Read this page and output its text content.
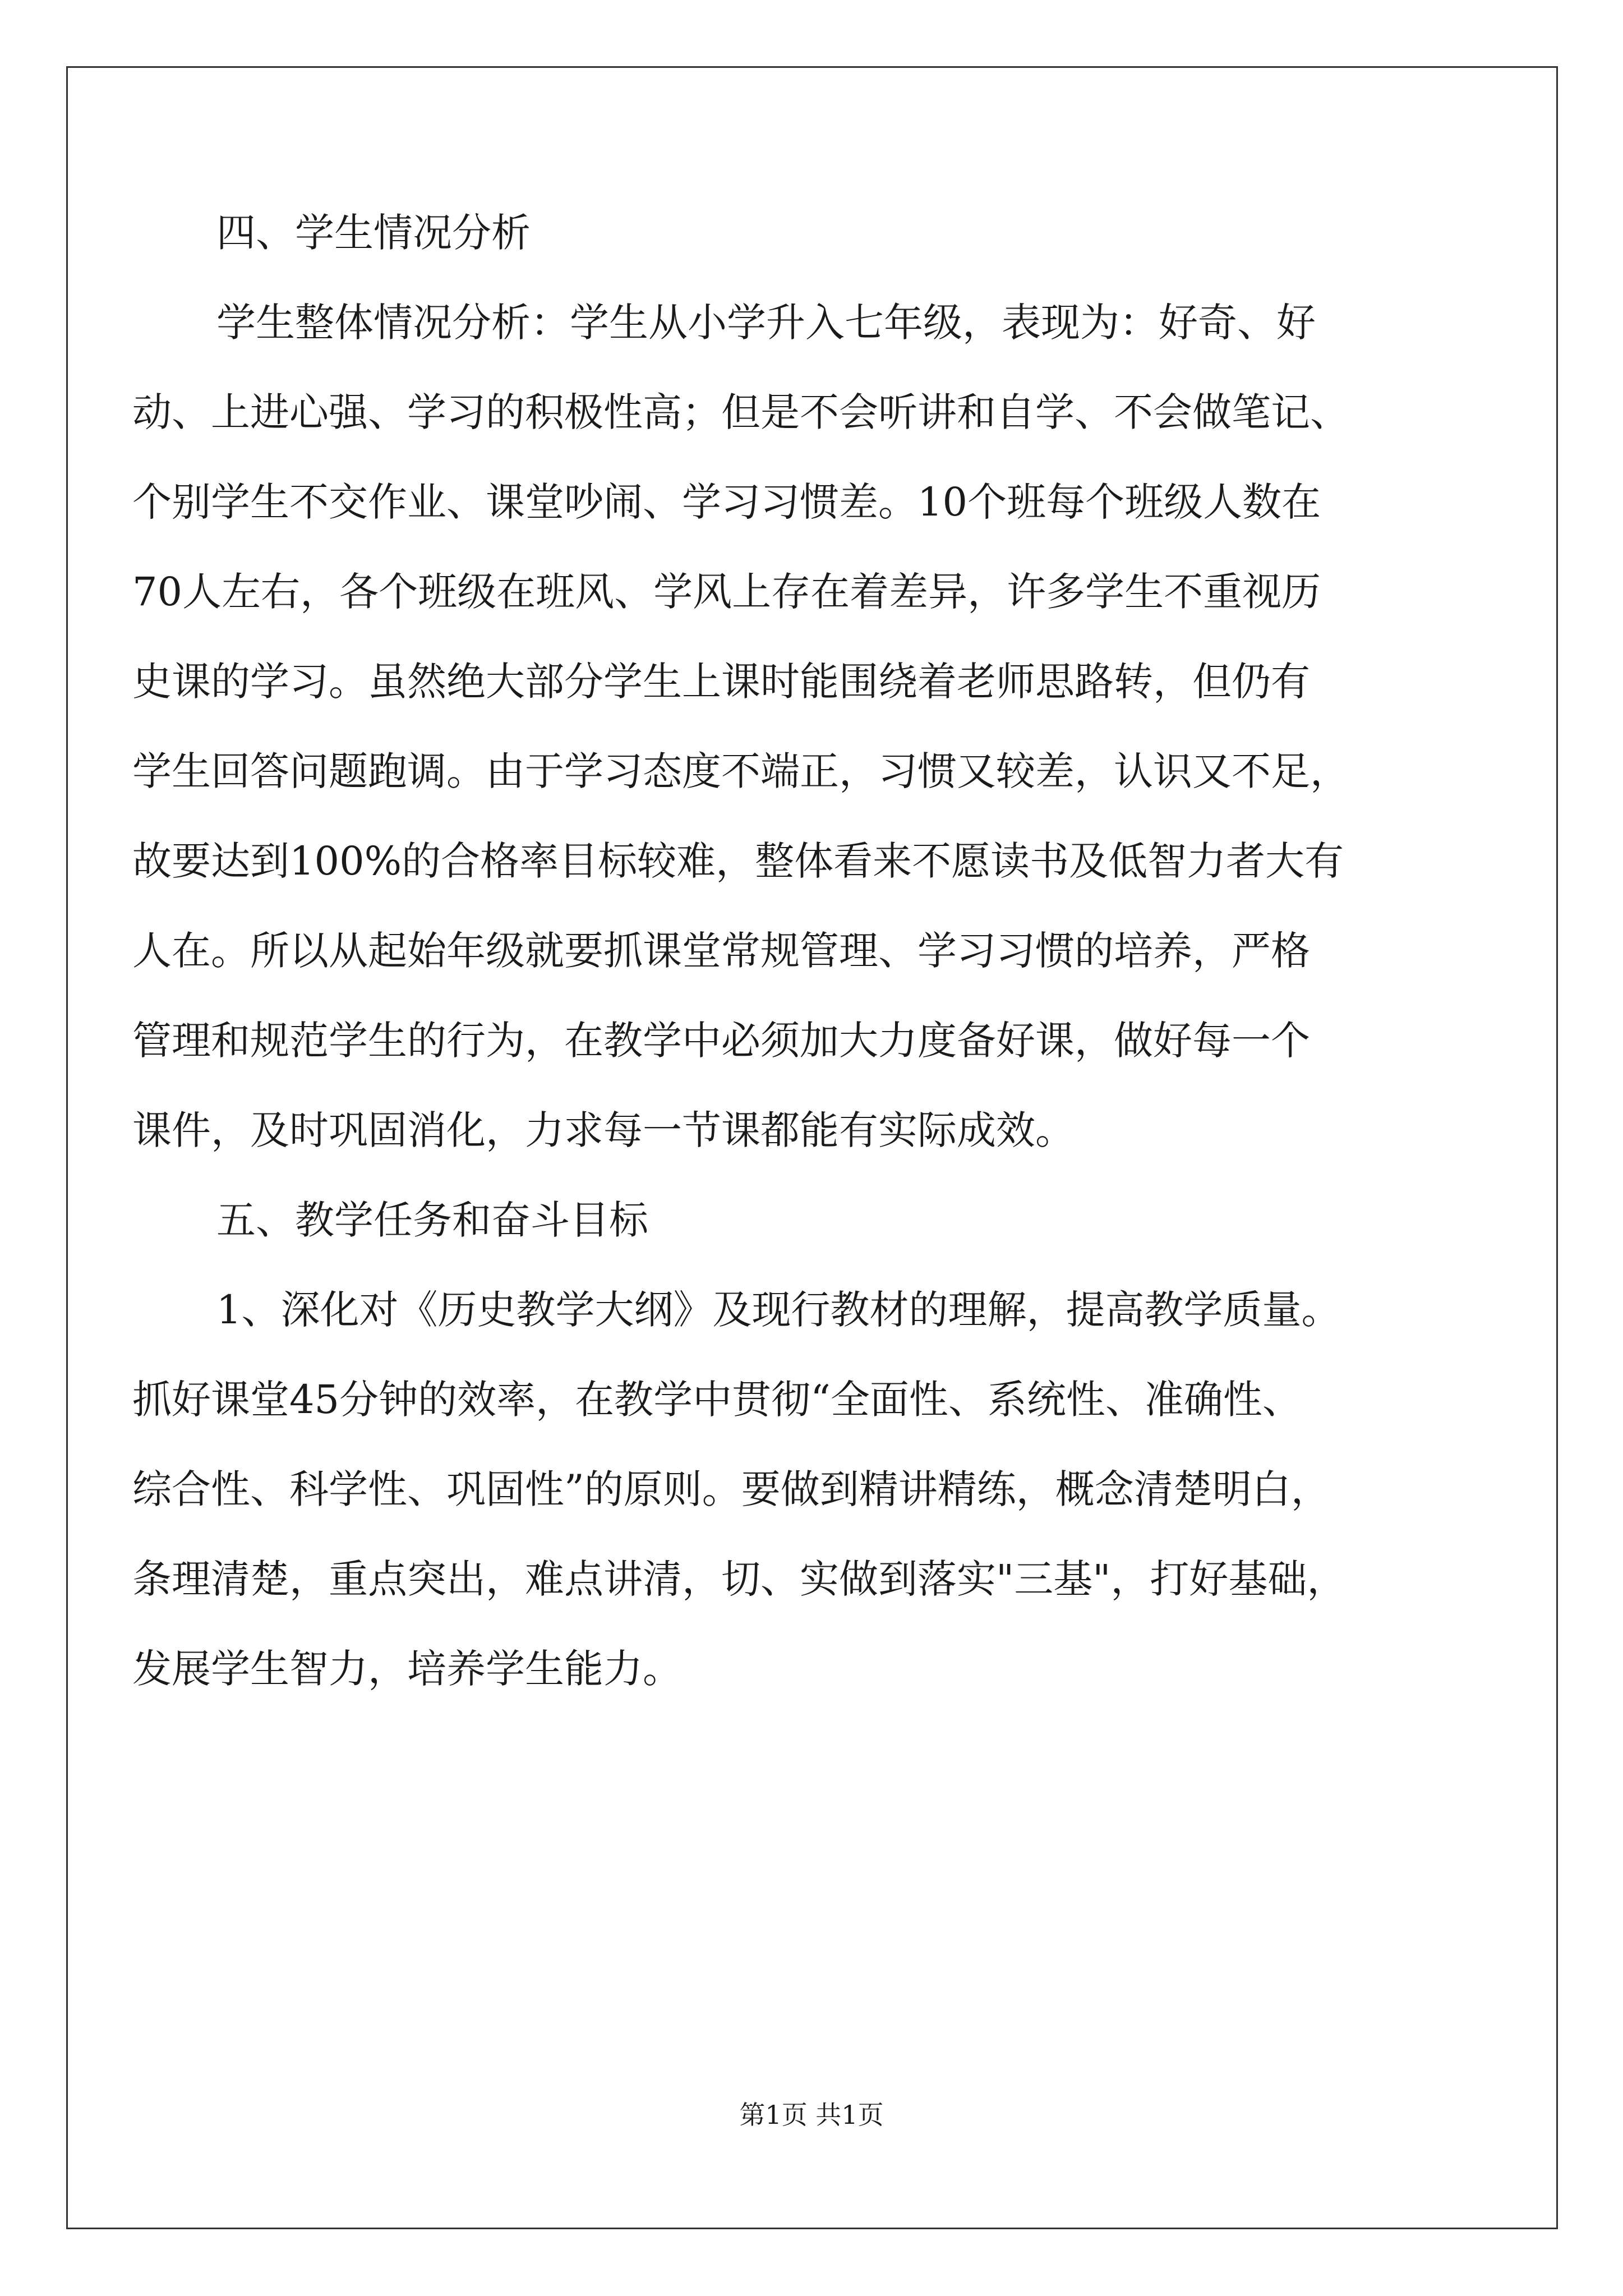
四、学生情况分析
学生整体情况分析：学生从小学升入七年级，表现为：好奇、好
动、上进心强、学习的积极性高；但是不会听讲和自学、不会做笔记、
个别学生不交作业、课堂吵闹、学习习惯差。10个班每个班级人数在
70人左右，各个班级在班风、学风上存在着差异，许多学生不重视历
史课的学习。虽然绝大部分学生上课时能围绕着老师思路转，但仍有
学生回答问题跑调。由于学习态度不端正，习惯又较差，认识又不足，
故要达到100%的合格率目标较难，整体看来不愿读书及低智力者大有
人在。所以从起始年级就要抓课堂常规管理、学习习惯的培养，严格
管理和规范学生的行为，在教学中必须加大力度备好课，做好每一个
课件，及时巩固消化，力求每一节课都能有实际成效。
五、教学任务和奋斗目标
1、深化对《历史教学大纲》及现行教材的理解，提高教学质量。
抓好课堂45分钟的效率，在教学中贯彻“全面性、系统性、准确性、
综合性、科学性、巩固性”的原则。要做到精讲精练，概念清楚明白，
条理清楚，重点突出，难点讲清，切、实做到落实"三基"，打好基础，
发展学生智力，培养学生能力。
第1页 共1页
